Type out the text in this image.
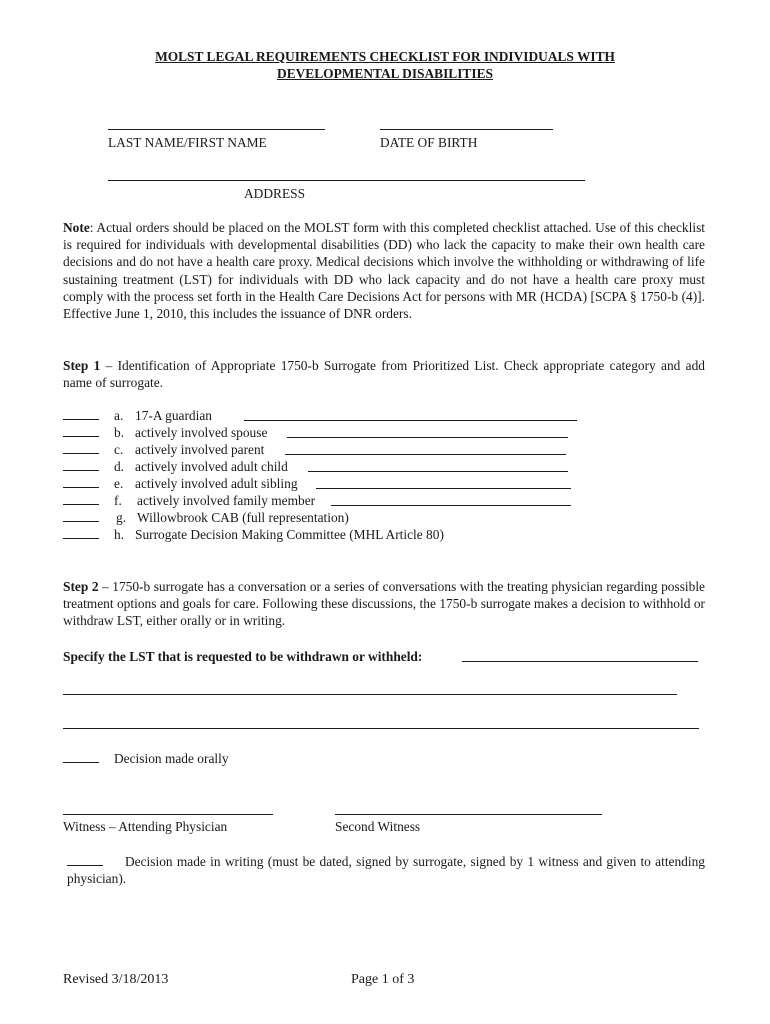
MOLST LEGAL REQUIREMENTS CHECKLIST FOR INDIVIDUALS WITH
DEVELOPMENTAL DISABILITIES
LAST NAME/FIRST NAME	DATE OF BIRTH
ADDRESS
Note: Actual orders should be placed on the MOLST form with this completed checklist attached. Use of this checklist is required for individuals with developmental disabilities (DD) who lack the capacity to make their own health care decisions and do not have a health care proxy. Medical decisions which involve the withholding or withdrawing of life sustaining treatment (LST) for individuals with DD who lack capacity and do not have a health care proxy must comply with the process set forth in the Health Care Decisions Act for persons with MR (HCDA) [SCPA § 1750-b (4)]. Effective June 1, 2010, this includes the issuance of DNR orders.
Step 1 – Identification of Appropriate 1750-b Surrogate from Prioritized List. Check appropriate category and add name of surrogate.
a. 17-A guardian
b. actively involved spouse
c. actively involved parent
d. actively involved adult child
e. actively involved adult sibling
f. actively involved family member
g. Willowbrook CAB (full representation)
h. Surrogate Decision Making Committee (MHL Article 80)
Step 2 – 1750-b surrogate has a conversation or a series of conversations with the treating physician regarding possible treatment options and goals for care. Following these discussions, the 1750-b surrogate makes a decision to withhold or withdraw LST, either orally or in writing.
Specify the LST that is requested to be withdrawn or withheld:
Decision made orally
Witness – Attending Physician	Second Witness
Decision made in writing (must be dated, signed by surrogate, signed by 1 witness and given to attending physician).
Revised 3/18/2013	Page 1 of 3
